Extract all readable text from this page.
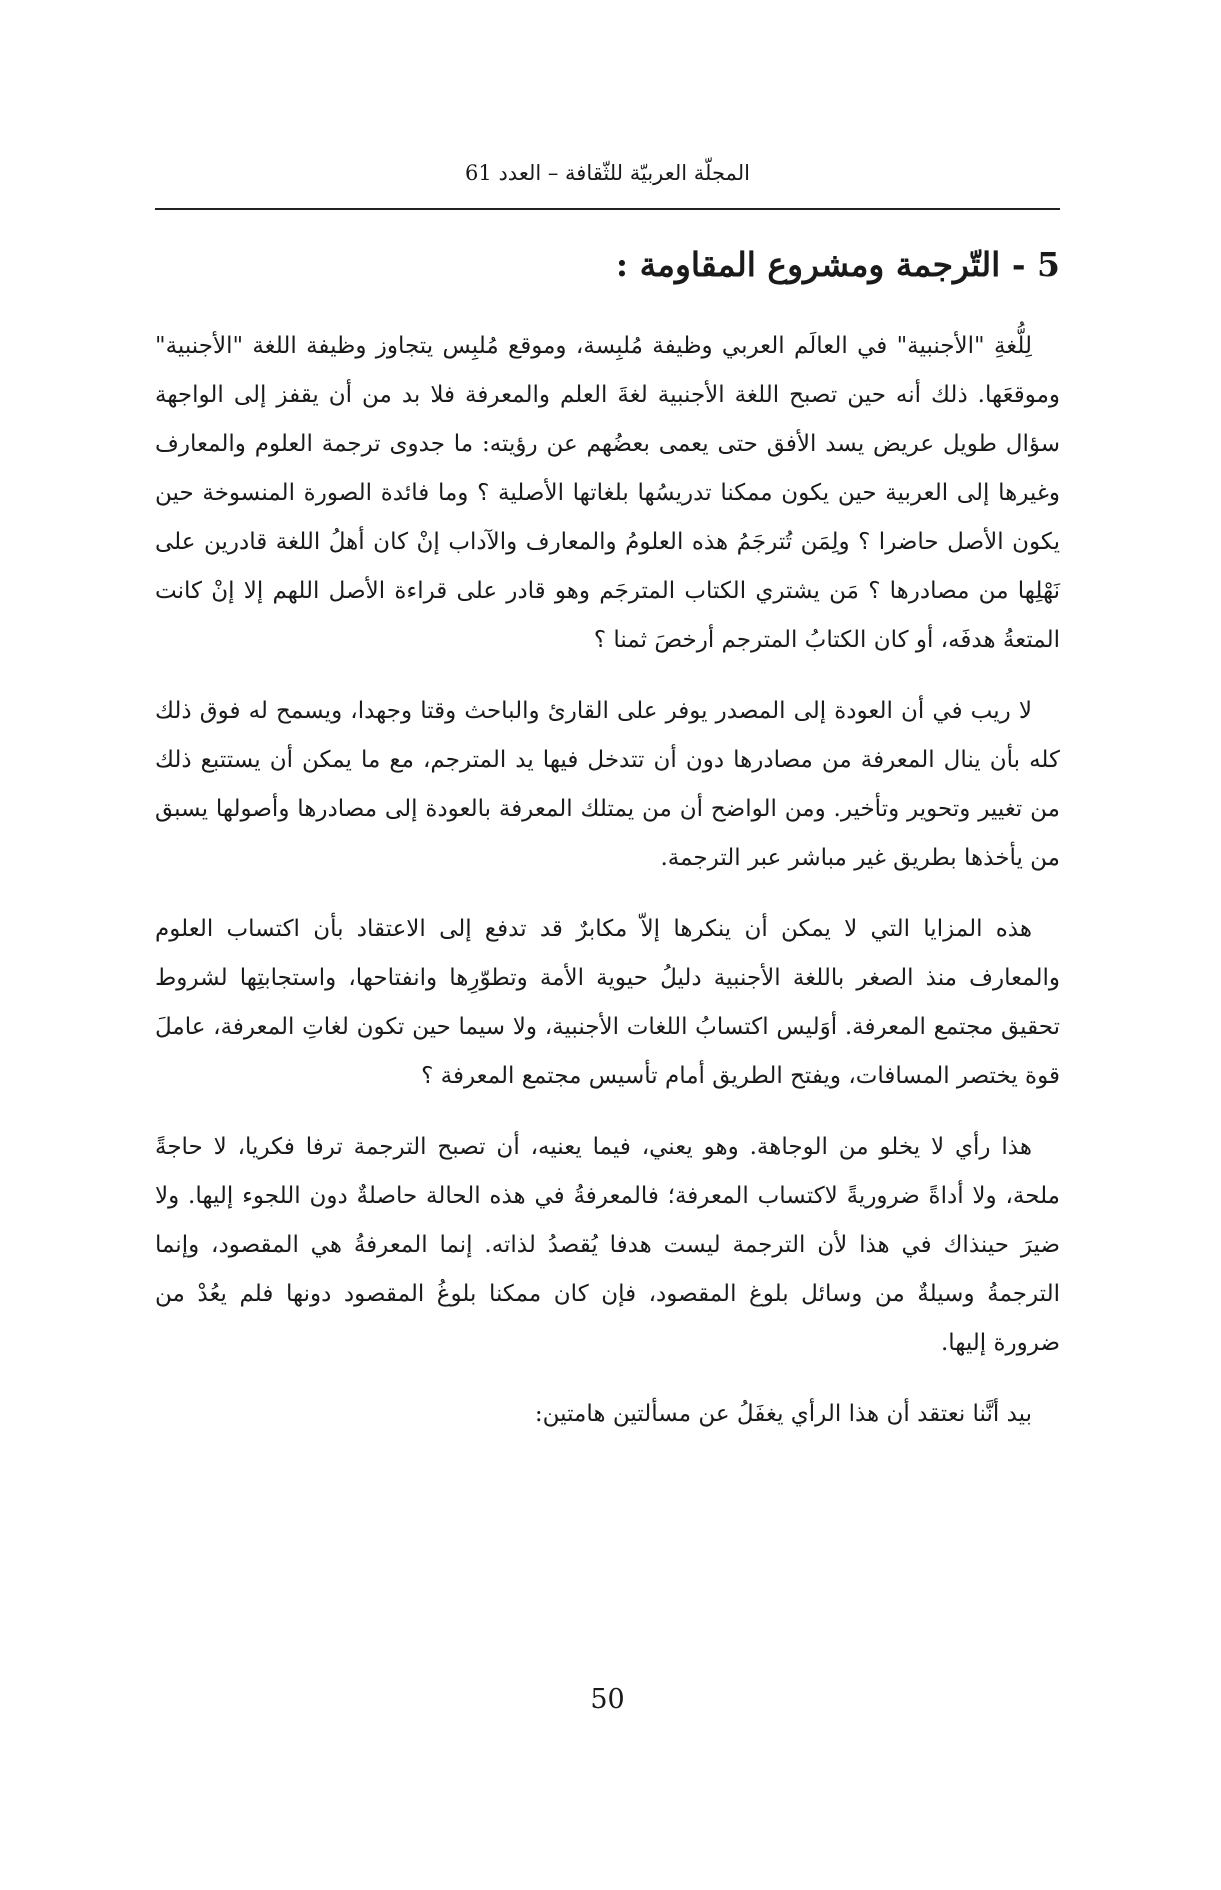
المجلّة العربيّة للثّقافة – العدد 61
5 - التّرجمة ومشروع المقاومة :

لِلُّغةِ "الأجنبية" في العالَم العربي وظيفة مُلبِسة، وموقع مُلبِس يتجاوز وظيفة اللغة "الأجنبية" وموقعَها. ذلك أنه حين تصبح اللغة الأجنبية لغةَ العلم والمعرفة فلا بد من أن يقفز إلى الواجهة سؤال طويل عريض يسد الأفق حتى يعمى بعضُهم عن رؤيته: ما جدوى ترجمة العلوم والمعارف وغيرها إلى العربية حين يكون ممكنا تدريسُها بلغاتها الأصلية ؟ وما فائدة الصورة المنسوخة حين يكون الأصل حاضرا ؟ ولِمَن تُترجَمُ هذه العلومُ والمعارف والآداب إنْ كان أهلُ اللغة قادرين على نَهْلِها من مصادرها ؟ مَن يشتري الكتاب المترجَم وهو قادر على قراءة الأصل اللهم إلا إنْ كانت المتعةُ هدفَه، أو كان الكتابُ المترجم أرخصَ ثمنا ؟

لا ريب في أن العودة إلى المصدر يوفر على القارئ والباحث وقتا وجهدا، ويسمح له فوق ذلك كله بأن ينال المعرفة من مصادرها دون أن تتدخل فيها يد المترجم، مع ما يمكن أن يستتبع ذلك من تغيير وتحوير وتأخير. ومن الواضح أن من يمتلك المعرفة بالعودة إلى مصادرها وأصولها يسبق من يأخذها بطريق غير مباشر عبر الترجمة.

هذه المزايا التي لا يمكن أن ينكرها إلاّ مكابرٌ قد تدفع إلى الاعتقاد بأن اكتساب العلوم والمعارف منذ الصغر باللغة الأجنبية دليلُ حيوية الأمة وتطوّرِها وانفتاحها، واستجابتِها لشروط تحقيق مجتمع المعرفة. أوَليس اكتسابُ اللغات الأجنبية، ولا سيما حين تكون لغاتِ المعرفة، عاملَ قوة يختصر المسافات، ويفتح الطريق أمام تأسيس مجتمع المعرفة ؟

هذا رأي لا يخلو من الوجاهة. وهو يعني، فيما يعنيه، أن تصبح الترجمة ترفا فكريا، لا حاجةً ملحة، ولا أداةً ضروريةً لاكتساب المعرفة؛ فالمعرفةُ في هذه الحالة حاصلةٌ دون اللجوء إليها. ولا ضيرَ حينذاك في هذا لأن الترجمة ليست هدفا يُقصدُ لذاته. إنما المعرفةُ هي المقصود، وإنما الترجمةُ وسيلةٌ من وسائل بلوغ المقصود، فإن كان ممكنا بلوغُ المقصود دونها فلم يعُدْ من ضرورة إليها.

بيد أنَّنا نعتقد أن هذا الرأي يغفَلُ عن مسألتين هامتين:

50
